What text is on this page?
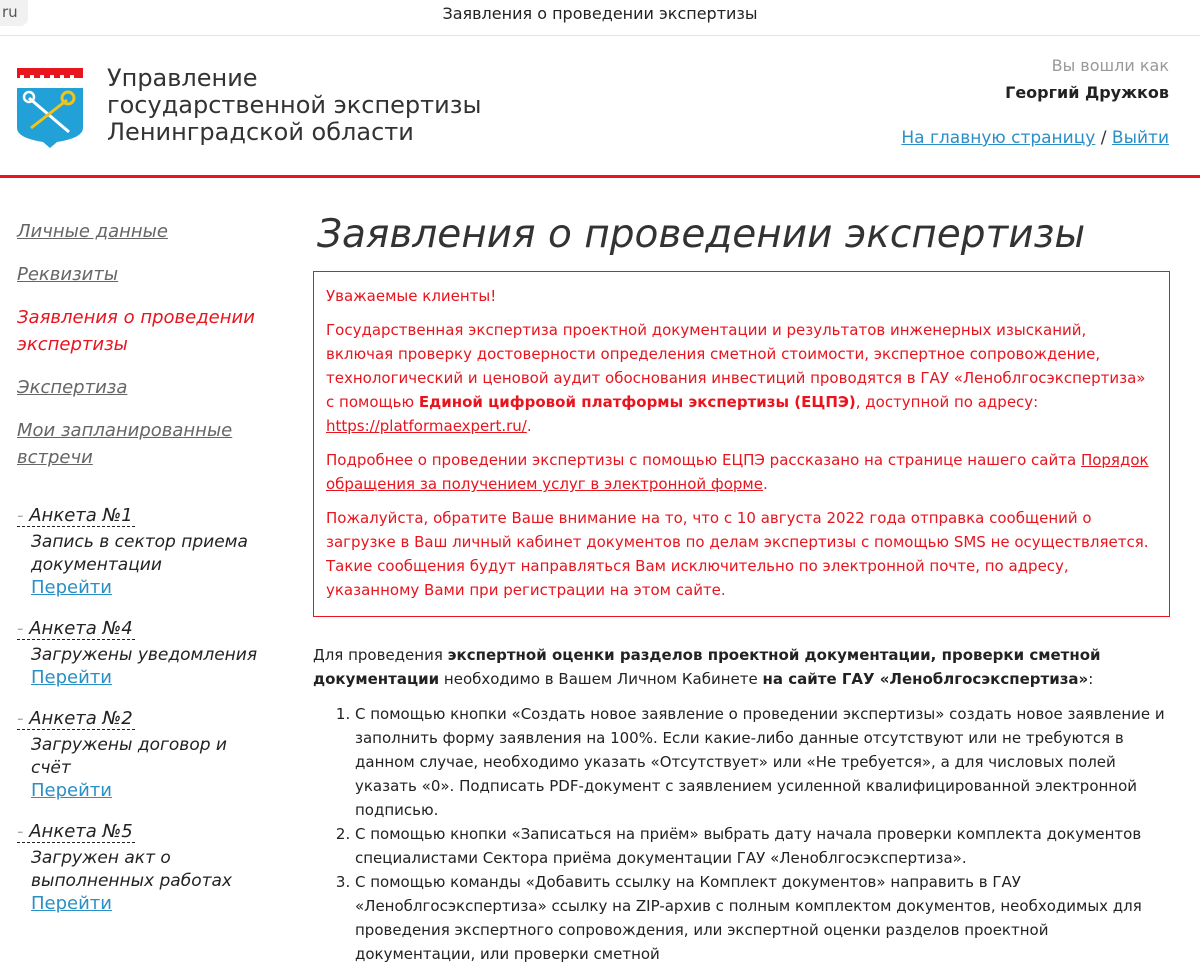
ru	Заявления о проведении экспертизы
Управление
государственной экспертизы
Ленинградской области
Вы вошли как
Георгий Дружков
На главную страницу / Выйти
Личные данные
Реквизиты
Заявления о проведении экспертизы
Экспертиза
Мои запланированные встречи
- Анкета №1
Запись в сектор приема документации
Перейти
- Анкета №4
Загружены уведомления
Перейти
- Анкета №2
Загружены договор и счёт
Перейти
- Анкета №5
Загружен акт о выполненных работах
Перейти
Заявления о проведении экспертизы

Уважаемые клиенты!

Государственная экспертиза проектной документации и результатов инженерных изысканий, включая проверку достоверности определения сметной стоимости, экспертное сопровождение, технологический и ценовой аудит обоснования инвестиций проводятся в ГАУ «Леноблгосэкспертиза» с помощью Единой цифровой платформы экспертизы (ЕЦПЭ), доступной по адресу: https://platformaexpert.ru/.

Подробнее о проведении экспертизы с помощью ЕЦПЭ рассказано на странице нашего сайта Порядок обращения за получением услуг в электронной форме.

Пожалуйста, обратите Ваше внимание на то, что с 10 августа 2022 года отправка сообщений о загрузке в Ваш личный кабинет документов по делам экспертизы с помощью SMS не осуществляется. Такие сообщения будут направляться Вам исключительно по электронной почте, по адресу, указанному Вами при регистрации на этом сайте.

Для проведения экспертной оценки разделов проектной документации, проверки сметной документации необходимо в Вашем Личном Кабинете на сайте ГАУ «Леноблгосэкспертиза»:

1. С помощью кнопки «Создать новое заявление о проведении экспертизы» создать новое заявление и заполнить форму заявления на 100%. Если какие-либо данные отсутствуют или не требуются в данном случае, необходимо указать «Отсутствует» или «Не требуется», а для числовых полей указать «0». Подписать PDF-документ с заявлением усиленной квалифицированной электронной подписью.
2. С помощью кнопки «Записаться на приём» выбрать дату начала проверки комплекта документов специалистами Сектора приёма документации ГАУ «Леноблгосэкспертиза».
3. С помощью команды «Добавить ссылку на Комплект документов» направить в ГАУ «Леноблгосэкспертиза» ссылку на ZIP-архив с полным комплектом документов, необходимых для проведения экспертного сопровождения, или экспертной оценки разделов проектной документации, или проверки сметной
